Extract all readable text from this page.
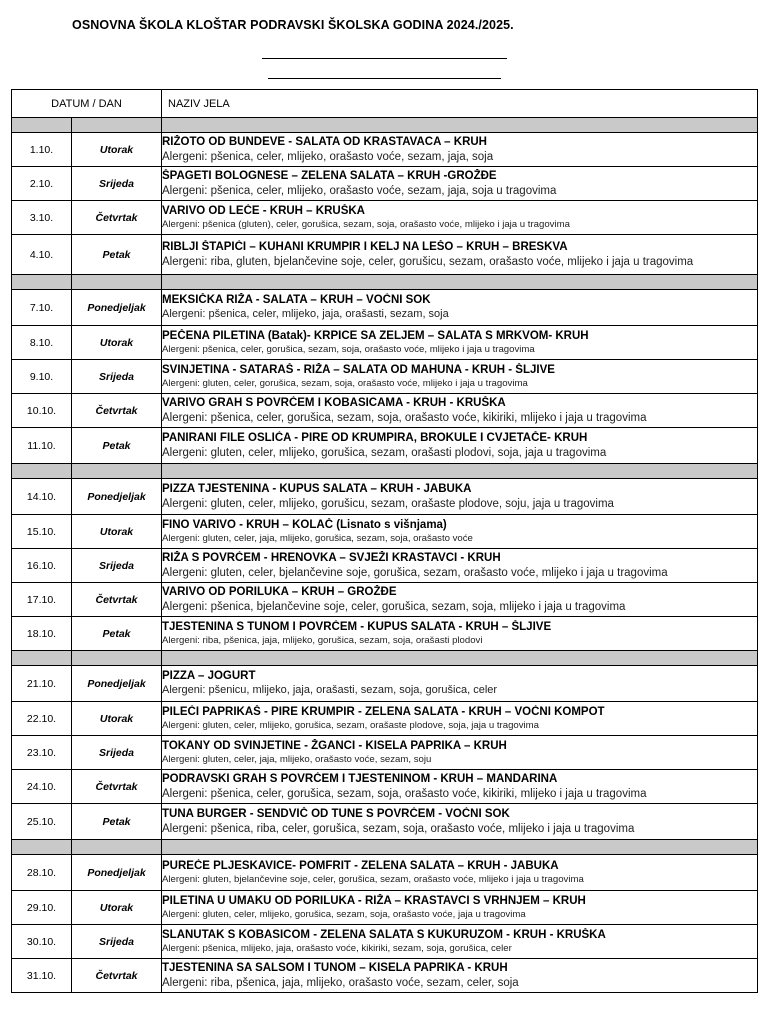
OSNOVNA ŠKOLA KLOŠTAR PODRAVSKI ŠKOLSKA GODINA 2024./2025.
DATUM / DAN		NAZIV JELA

1.10.	Utorak	RIŽOTO OD BUNDEVE - SALATA OD KRASTAVACA – KRUH
Alergeni: pšenica, celer, mlijeko, orašasto voće, sezam, jaja, soja

2.10.	Srijeda	ŠPAGETI BOLOGNESE – ZELENA SALATA – KRUH -GROŽĐE
Alergeni: pšenica, celer, mlijeko, orašasto voće, sezam, jaja, soja u tragovima

3.10.	Četvrtak	VARIVO OD LEĆE - KRUH – KRUŠKA
Alergeni: pšenica (gluten), celer, gorušica, sezam, soja, orašasto voće, mlijeko i jaja u tragovima

4.10.	Petak	RIBLJI ŠTAPIĆI – KUHANI KRUMPIR I KELJ NA LEŠO – KRUH – BRESKVA
Alergeni: riba, gluten, bjelančevine soje, celer, gorušicu, sezam, orašasto voće, mlijeko i jaja u tragovima

7.10.	Ponedjeljak	MEKSIČKA RIŽA - SALATA – KRUH – VOĆNI SOK
Alergeni: pšenica, celer, mlijeko, jaja, orašasti, sezam, soja

8.10.	Utorak	PEČENA PILETINA (Batak)- KRPICE SA ZELJEM – SALATA S MRKVOM- KRUH
Alergeni: pšenica, celer, gorušica, sezam, soja, orašasto voće, mlijeko i jaja u tragovima

9.10.	Srijeda	SVINJETINA - SATARAŠ - RIŽA – SALATA OD MAHUNA - KRUH - ŠLJIVE
Alergeni: gluten, celer, gorušica, sezam, soja, orašasto voće, mlijeko i jaja u tragovima

10.10.	Četvrtak	VARIVO GRAH S POVRĆEM I KOBASICAMA - KRUH - KRUŠKA
Alergeni: pšenica, celer, gorušica, sezam, soja, orašasto voće, kikiriki, mlijeko i jaja u tragovima

11.10.	Petak	PANIRANI FILE OSLIĆA - PIRE OD KRUMPIRA, BROKULE I CVJETAČE- KRUH
Alergeni: gluten, celer, mlijeko, gorušica, sezam, orašasti plodovi, soja, jaja u tragovima

14.10.	Ponedjeljak	PIZZA TJESTENINA - KUPUS SALATA – KRUH - JABUKA
Alergeni: gluten, celer, mlijeko, gorušicu, sezam, orašaste plodove, soju, jaja u tragovima

15.10.	Utorak	FINO VARIVO - KRUH – KOLAČ (Lisnato s višnjama)
Alergeni: gluten, celer, jaja, mlijeko, gorušica, sezam, soja, orašasto voće

16.10.	Srijeda	RIŽA S POVRĆEM - HRENOVKA – SVJEŽI KRASTAVCI - KRUH
Alergeni: gluten, celer, bjelančevine soje, gorušica, sezam, orašasto voće, mlijeko i jaja u tragovima

17.10.	Četvrtak	VARIVO OD PORILUKA – KRUH – GROŽĐE
Alergeni: pšenica, bjelančevine soje, celer, gorušica, sezam, soja, mlijeko i jaja u tragovima

18.10.	Petak	TJESTENINA S TUNOM I POVRĆEM - KUPUS SALATA - KRUH – ŠLJIVE
Alergeni: riba, pšenica, jaja, mlijeko, gorušica, sezam, soja, orašasti plodovi

21.10.	Ponedjeljak	PIZZA – JOGURT
Alergeni: pšenicu, mlijeko, jaja, orašasti, sezam, soja, gorušica, celer

22.10.	Utorak	PILEĆI PAPRIKAŠ - PIRE KRUMPIR - ZELENA SALATA - KRUH – VOĆNI KOMPOT
Alergeni: gluten, celer, mlijeko, gorušica, sezam, orašaste plodove, soja, jaja u tragovima

23.10.	Srijeda	TOKANY OD SVINJETINE - ŽGANCI - KISELA PAPRIKA – KRUH
Alergeni: gluten, celer, jaja, mlijeko, orašasto voće, sezam, soju

24.10.	Četvrtak	PODRAVSKI GRAH S POVRĆEM I TJESTENINOM - KRUH – MANDARINA
Alergeni: pšenica, celer, gorušica, sezam, soja, orašasto voće, kikiriki, mlijeko i jaja u tragovima

25.10.	Petak	TUNA BURGER - SENDVIČ OD TUNE S POVRĆEM - VOĆNI SOK
Alergeni: pšenica, riba, celer, gorušica, sezam, soja, orašasto voće, mlijeko i jaja u tragovima

28.10.	Ponedjeljak	PUREĆE PLJESKAVICE- POMFRIT - ZELENA SALATA – KRUH - JABUKA
Alergeni: gluten, bjelančevine soje, celer, gorušica, sezam, orašasto voće, mlijeko i jaja u tragovima

29.10.	Utorak	PILETINA U UMAKU OD PORILUKA - RIŽA – KRASTAVCI S VRHNJEM – KRUH
Alergeni: gluten, celer, mlijeko, gorušica, sezam, soja, orašasto voće, jaja u tragovima

30.10.	Srijeda	SLANUTAK S KOBASICOM - ZELENA SALATA S KUKURUZOM - KRUH - KRUŠKA
Alergeni: pšenica, mlijeko, jaja, orašasto voće, kikiriki, sezam, soja, gorušica, celer

31.10.	Četvrtak	TJESTENINA SA SALSOM I TUNOM – KISELA PAPRIKA - KRUH
Alergeni: riba, pšenica, jaja, mlijeko, orašasto voće, sezam, celer, soja
